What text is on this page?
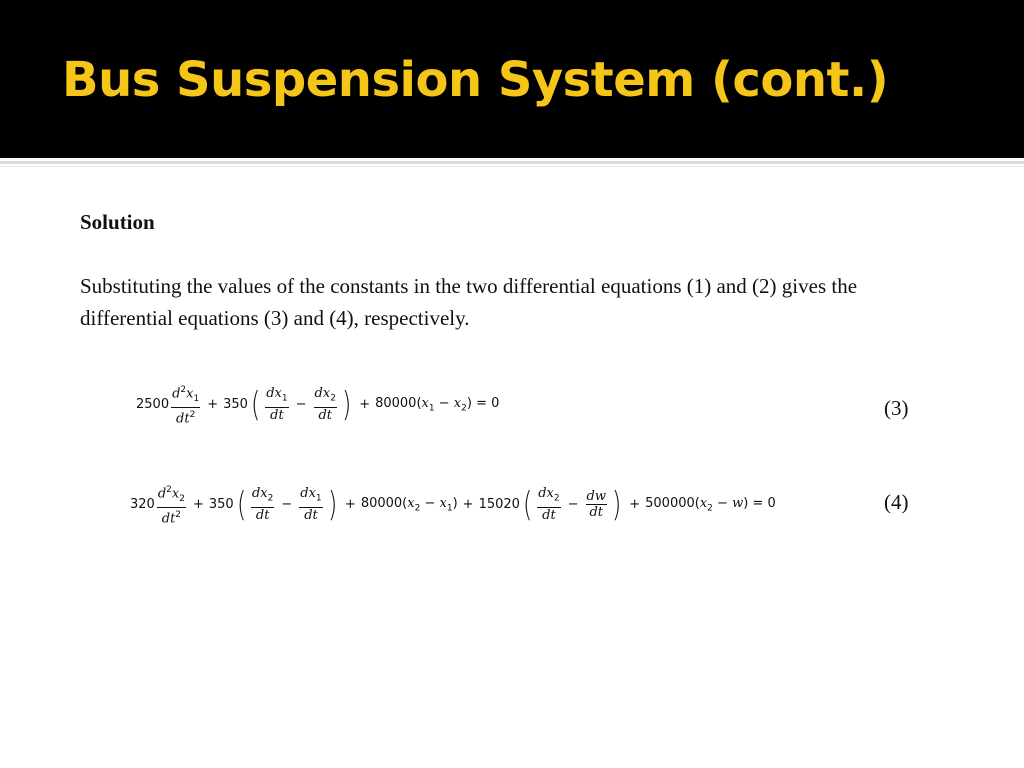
Bus Suspension System (cont.)
Solution

Substituting the values of the constants in the two differential equations (1) and (2) gives the differential equations (3) and (4), respectively.

$2500 \frac{d^2x_1}{dt^2} + 350$ ( $\frac{dx_1}{dt} - \frac{dx_2}{dt}$ ) + $80000(x_1 - x_2) = 0$	(3)
$320 \frac{d^2x_2}{dt^2} + 350$ ( $\frac{dx_2}{dt} - \frac{dx_1}{dt}$ ) + $80000(x_2 - x_1) + 15020$ ( $\frac{dx_2}{dt} - \frac{dw}{dt}$ ) + $500000(x_2 - w) = 0$	(4)
